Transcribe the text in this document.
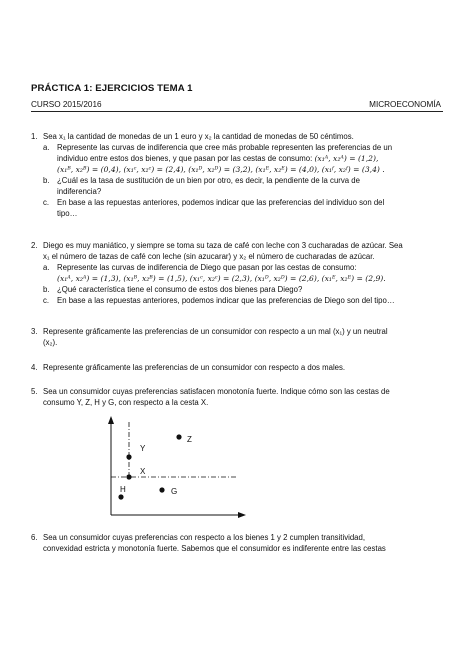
PRÁCTICA 1: EJERCICIOS TEMA 1
CURSO 2015/2016	MICROECONOMÍA
1. Sea x₁ la cantidad de monedas de un 1 euro y x₂ la cantidad de monedas de 50 céntimos.
a. Represente las curvas de indiferencia que cree más probable representen las preferencias de un
individuo entre estos dos bienes, y que pasan por las cestas de consumo: (x₁ᴬ, x₂ᴬ) = (1,2),
(x₁ᴮ, x₂ᴮ) = (0,4), (x₁ᶜ, x₂ᶜ) = (2,4), (x₁ᴰ, x₂ᴰ) = (3,2), (x₁ᴱ, x₂ᴱ) = (4,0), (x₁ᶠ, x₂ᶠ) = (3,4) .
b. ¿Cuál es la tasa de sustitución de un bien por otro, es decir, la pendiente de la curva de
indiferencia?
c. En base a las repuestas anteriores, podemos indicar que las preferencias del individuo son del
tipo…
2. Diego es muy maniático, y siempre se toma su taza de café con leche con 3 cucharadas de azúcar. Sea
x₁ el número de tazas de café con leche (sin azucarar) y x₂ el número de cucharadas de azúcar.
a. Represente las curvas de indiferencia de Diego que pasan por las cestas de consumo:
(x₁ᴬ, x₂ᴬ) = (1,3), (x₁ᴮ, x₂ᴮ) = (1,5), (x₁ᶜ, x₂ᶜ) = (2,3), (x₁ᴰ, x₂ᴰ) = (2,6), (x₁ᴱ, x₂ᴱ) = (2,9).
b. ¿Qué característica tiene el consumo de estos dos bienes para Diego?
c. En base a las repuestas anteriores, podemos indicar que las preferencias de Diego son del tipo…
3. Represente gráficamente las preferencias de un consumidor con respecto a un mal (x₁) y un neutral
(x₂).
4. Represente gráficamente las preferencias de un consumidor con respecto a dos males.
5. Sea un consumidor cuyas preferencias satisfacen monotonía fuerte. Indique cómo son las cestas de
consumo Y, Z, H y G, con respecto a la cesta X.
Y
Z
X
H	G
6. Sea un consumidor cuyas preferencias con respecto a los bienes 1 y 2 cumplen transitividad,
convexidad estricta y monotonía fuerte. Sabemos que el consumidor es indiferente entre las cestas
